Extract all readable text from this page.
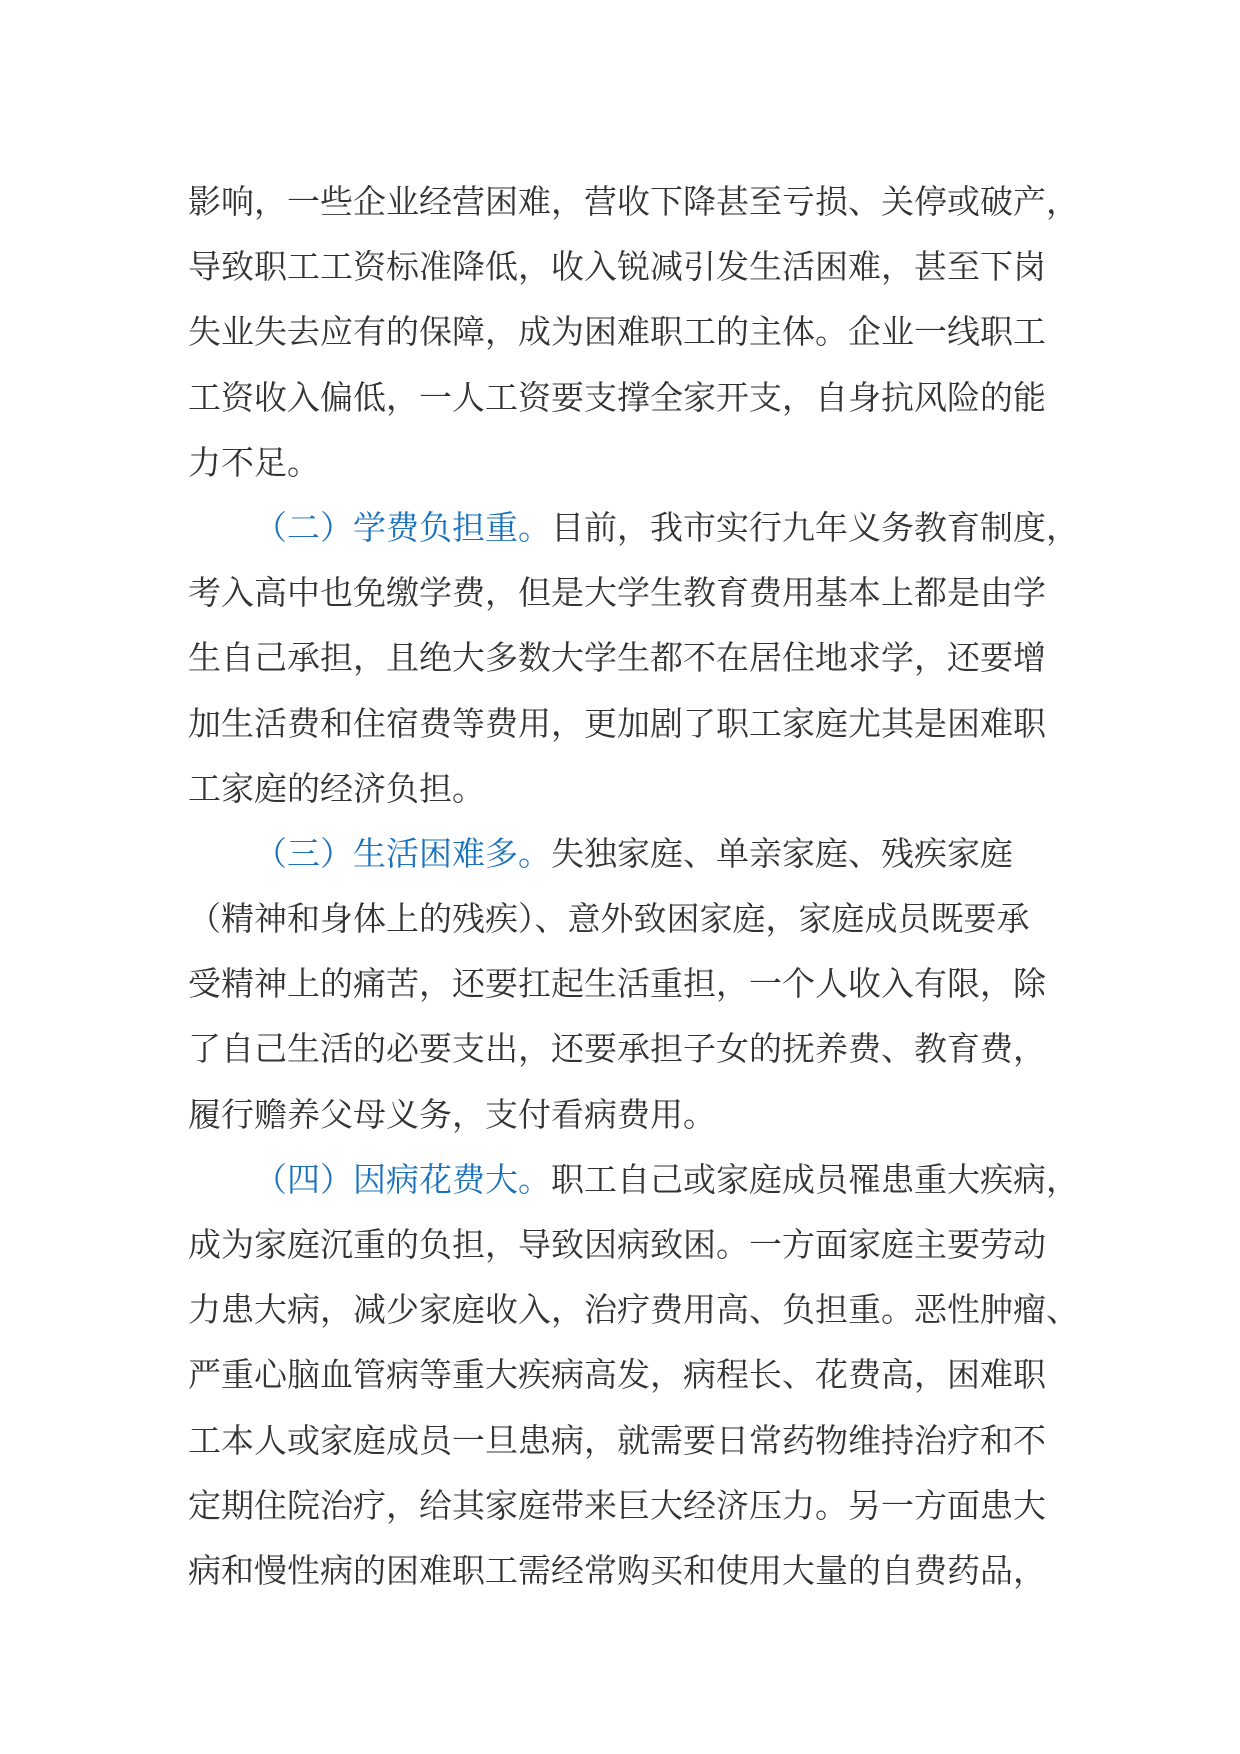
影响，一些企业经营困难，营收下降甚至亏损、关停或破产，
导致职工工资标准降低，收入锐减引发生活困难，甚至下岗
失业失去应有的保障，成为困难职工的主体。企业一线职工
工资收入偏低，一人工资要支撑全家开支，自身抗风险的能
力不足。
（二）学费负担重。目前，我市实行九年义务教育制度，
考入高中也免缴学费，但是大学生教育费用基本上都是由学
生自己承担，且绝大多数大学生都不在居住地求学，还要增
加生活费和住宿费等费用，更加剧了职工家庭尤其是困难职
工家庭的经济负担。
（三）生活困难多。失独家庭、单亲家庭、残疾家庭
（精神和身体上的残疾）、意外致困家庭，家庭成员既要承
受精神上的痛苦，还要扛起生活重担，一个人收入有限，除
了自己生活的必要支出，还要承担子女的抚养费、教育费，
履行赡养父母义务，支付看病费用。
（四）因病花费大。职工自己或家庭成员罹患重大疾病，
成为家庭沉重的负担，导致因病致困。一方面家庭主要劳动
力患大病，减少家庭收入，治疗费用高、负担重。恶性肿瘤、
严重心脑血管病等重大疾病高发，病程长、花费高，困难职
工本人或家庭成员一旦患病，就需要日常药物维持治疗和不
定期住院治疗，给其家庭带来巨大经济压力。另一方面患大
病和慢性病的困难职工需经常购买和使用大量的自费药品，
